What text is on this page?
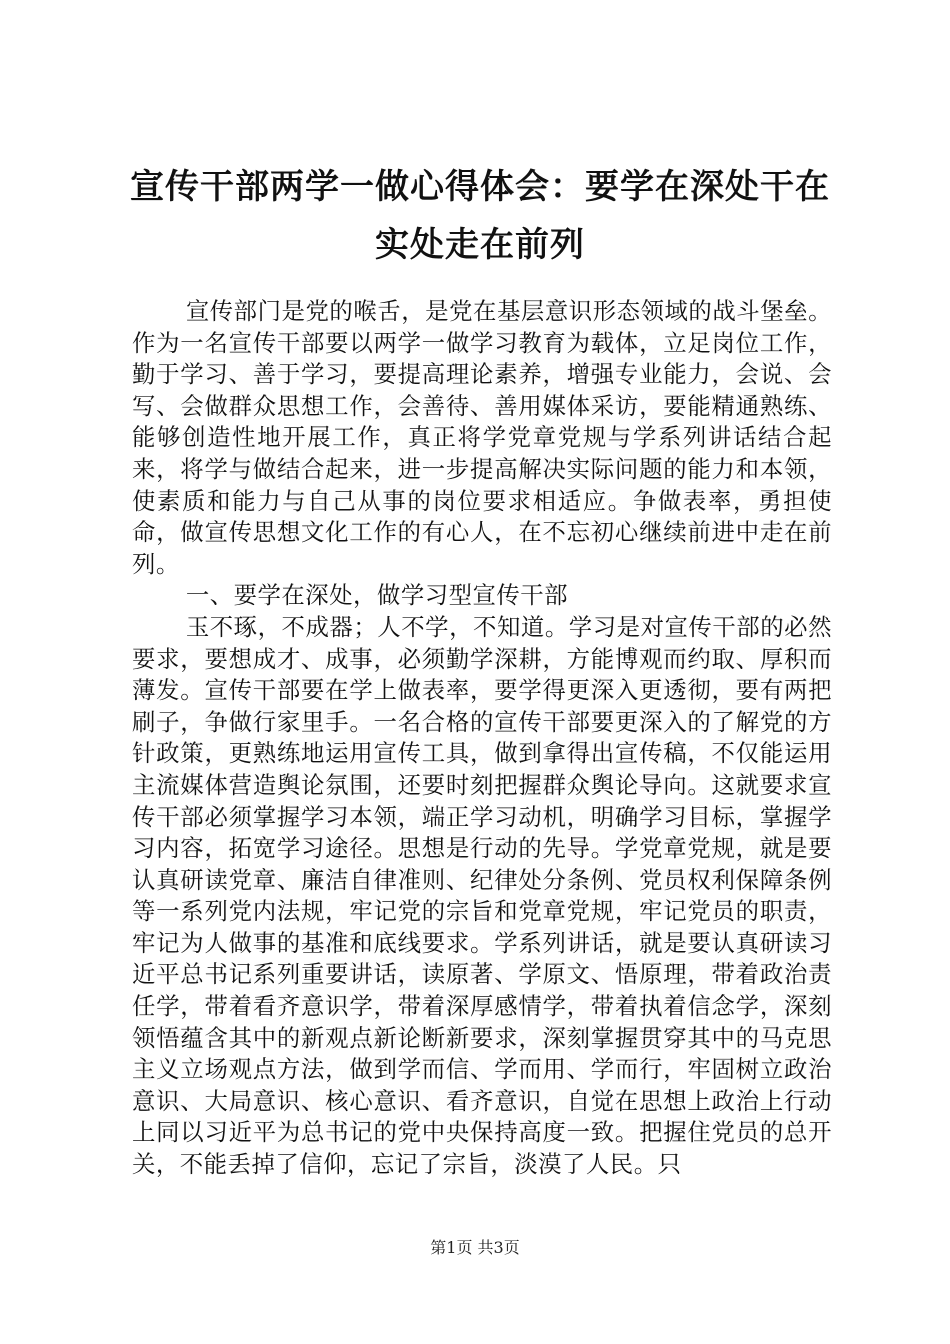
宣传干部两学一做心得体会：要学在深处干在
实处走在前列

宣传部门是党的喉舌，是党在基层意识形态领域的战斗堡垒。作为一名宣传干部要以两学一做学习教育为载体，立足岗位工作，勤于学习、善于学习，要提高理论素养，增强专业能力，会说、会写、会做群众思想工作，会善待、善用媒体采访，要能精通熟练、能够创造性地开展工作，真正将学党章党规与学系列讲话结合起来，将学与做结合起来，进一步提高解决实际问题的能力和本领，使素质和能力与自己从事的岗位要求相适应。争做表率，勇担使命，做宣传思想文化工作的有心人，在不忘初心继续前进中走在前列。

一、要学在深处，做学习型宣传干部

玉不琢，不成器；人不学，不知道。学习是对宣传干部的必然要求，要想成才、成事，必须勤学深耕，方能博观而约取、厚积而薄发。宣传干部要在学上做表率，要学得更深入更透彻，要有两把刷子，争做行家里手。一名合格的宣传干部要更深入的了解党的方针政策，更熟练地运用宣传工具，做到拿得出宣传稿，不仅能运用主流媒体营造舆论氛围，还要时刻把握群众舆论导向。这就要求宣传干部必须掌握学习本领，端正学习动机，明确学习目标，掌握学习内容，拓宽学习途径。思想是行动的先导。学党章党规，就是要认真研读党章、廉洁自律准则、纪律处分条例、党员权利保障条例等一系列党内法规，牢记党的宗旨和党章党规，牢记党员的职责，牢记为人做事的基准和底线要求。学系列讲话，就是要认真研读习近平总书记系列重要讲话，读原著、学原文、悟原理，带着政治责任学，带着看齐意识学，带着深厚感情学，带着执着信念学，深刻领悟蕴含其中的新观点新论断新要求，深刻掌握贯穿其中的马克思主义立场观点方法，做到学而信、学而用、学而行，牢固树立政治意识、大局意识、核心意识、看齐意识，自觉在思想上政治上行动上同以习近平为总书记的党中央保持高度一致。把握住党员的总开关，不能丢掉了信仰，忘记了宗旨，淡漠了人民。只

第1页 共3页
